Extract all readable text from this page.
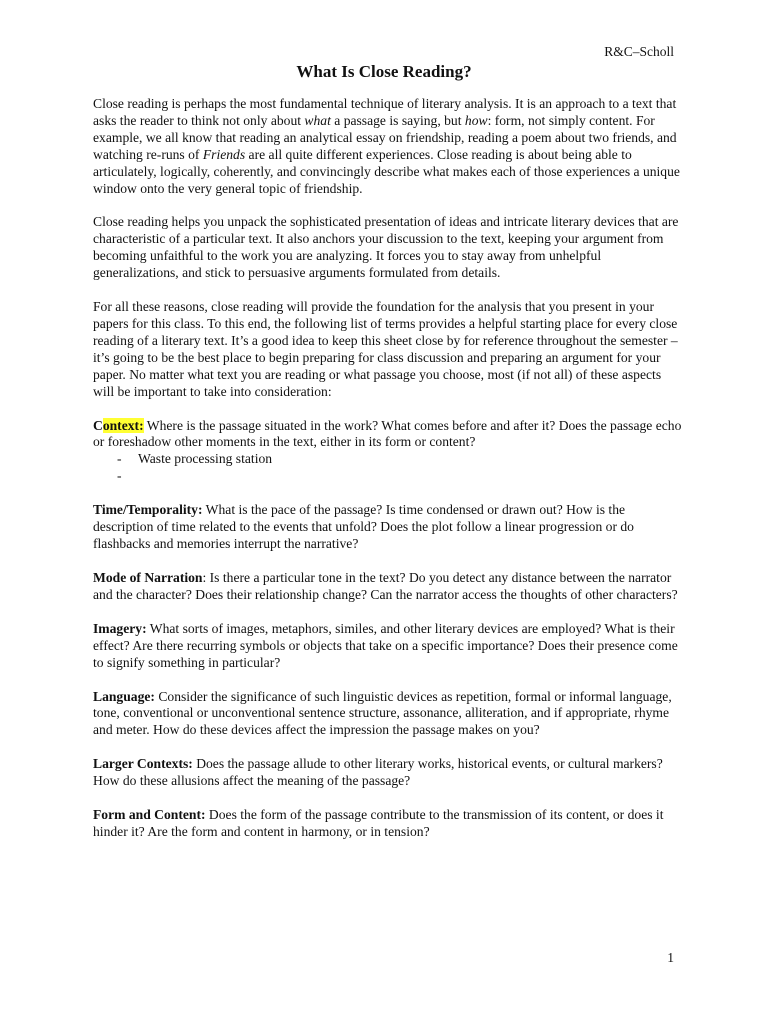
R&C–Scholl
What Is Close Reading?

Close reading is perhaps the most fundamental technique of literary analysis. It is an approach to a text that asks the reader to think not only about what a passage is saying, but how: form, not simply content. For example, we all know that reading an analytical essay on friendship, reading a poem about two friends, and watching re-runs of Friends are all quite different experiences. Close reading is about being able to articulately, logically, coherently, and convincingly describe what makes each of those experiences a unique window onto the very general topic of friendship.

Close reading helps you unpack the sophisticated presentation of ideas and intricate literary devices that are characteristic of a particular text. It also anchors your discussion to the text, keeping your argument from becoming unfaithful to the work you are analyzing. It forces you to stay away from unhelpful generalizations, and stick to persuasive arguments formulated from details.

For all these reasons, close reading will provide the foundation for the analysis that you present in your papers for this class. To this end, the following list of terms provides a helpful starting place for every close reading of a literary text. It’s a good idea to keep this sheet close by for reference throughout the semester – it’s going to be the best place to begin preparing for class discussion and preparing an argument for your paper. No matter what text you are reading or what passage you choose, most (if not all) of these aspects will be important to take into consideration:

Context: Where is the passage situated in the work? What comes before and after it? Does the passage echo or foreshadow other moments in the text, either in its form or content?
- Waste processing station
-

Time/Temporality: What is the pace of the passage? Is time condensed or drawn out? How is the description of time related to the events that unfold? Does the plot follow a linear progression or do flashbacks and memories interrupt the narrative?

Mode of Narration: Is there a particular tone in the text? Do you detect any distance between the narrator and the character? Does their relationship change? Can the narrator access the thoughts of other characters?

Imagery: What sorts of images, metaphors, similes, and other literary devices are employed? What is their effect? Are there recurring symbols or objects that take on a specific importance? Does their presence come to signify something in particular?

Language: Consider the significance of such linguistic devices as repetition, formal or informal language, tone, conventional or unconventional sentence structure, assonance, alliteration, and if appropriate, rhyme and meter. How do these devices affect the impression the passage makes on you?

Larger Contexts: Does the passage allude to other literary works, historical events, or cultural markers? How do these allusions affect the meaning of the passage?

Form and Content: Does the form of the passage contribute to the transmission of its content, or does it hinder it? Are the form and content in harmony, or in tension?

1
